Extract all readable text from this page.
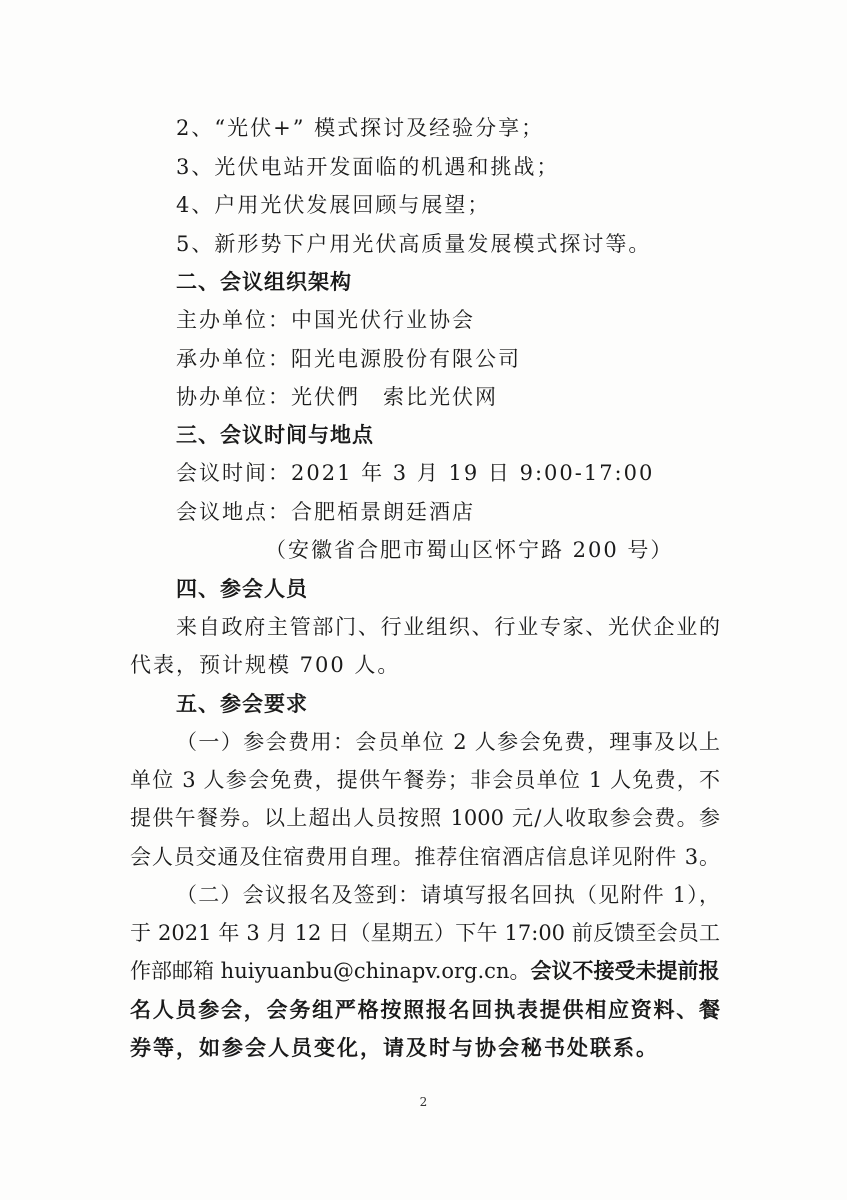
2、“光伏+” 模式探讨及经验分享；
3、光伏电站开发面临的机遇和挑战；
4、户用光伏发展回顾与展望；
5、新形势下户用光伏高质量发展模式探讨等。
二、会议组织架构
主办单位：中国光伏行业协会
承办单位：阳光电源股份有限公司
协办单位：光伏們　索比光伏网
三、会议时间与地点
会议时间：2021 年 3 月 19 日 9:00-17:00
会议地点：合肥栢景朗廷酒店
（安徽省合肥市蜀山区怀宁路 200 号）
四、参会人员
来自政府主管部门、行业组织、行业专家、光伏企业的
代表，预计规模 700 人。
五、参会要求
（一）参会费用：会员单位 2 人参会免费，理事及以上
单位 3 人参会免费，提供午餐券；非会员单位 1 人免费，不
提供午餐券。以上超出人员按照 1000 元/人收取参会费。参
会人员交通及住宿费用自理。推荐住宿酒店信息详见附件 3。
（二）会议报名及签到：请填写报名回执（见附件 1），
于 2021 年 3 月 12 日（星期五）下午 17:00 前反馈至会员工
作部邮箱 huiyuanbu@chinapv.org.cn。会议不接受未提前报
名人员参会，会务组严格按照报名回执表提供相应资料、餐
券等，如参会人员变化，请及时与协会秘书处联系。
2
